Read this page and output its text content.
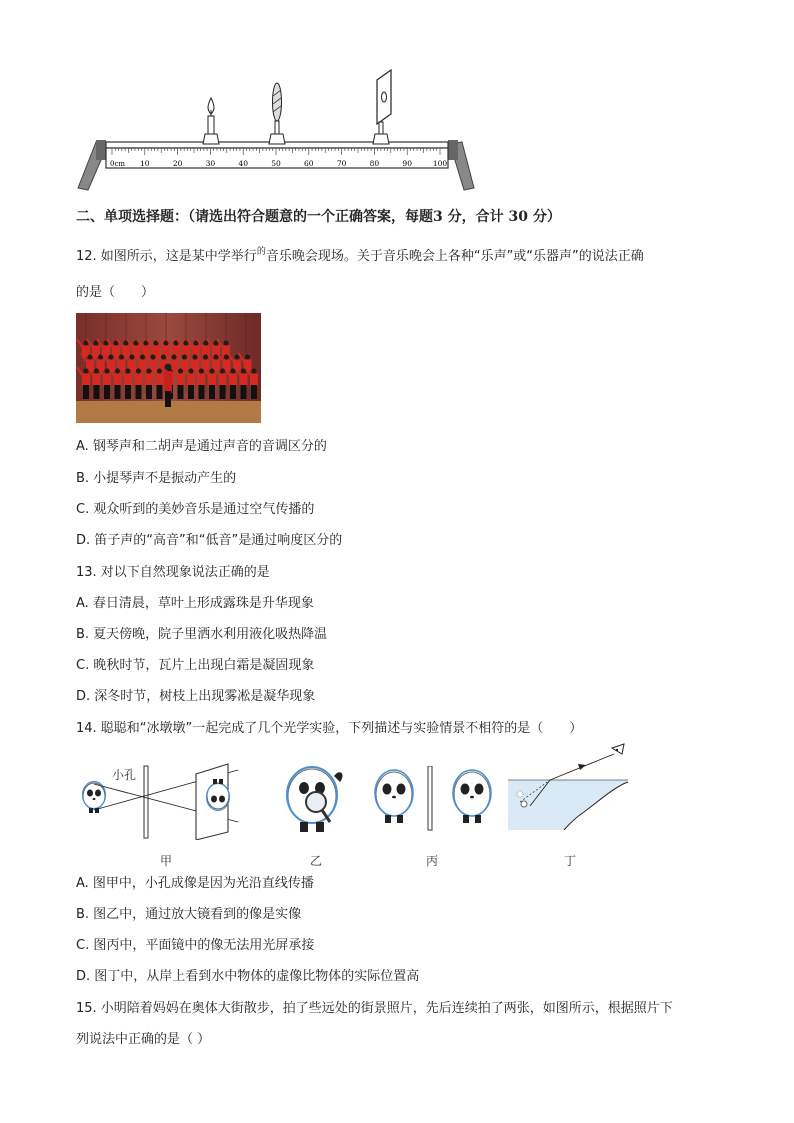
0cm 10	20	30	40	50	60	70	80	90	100
二、单项选择题：（请选出符合题意的一个正确答案，每题3 分，合计 30 分）
12. 如图所示，这是某中学举行$^的$音乐晚会现场。关于音乐晚会上各种“乐声”或“乐器声”的说法正确
的是（　　）
A. 钢琴声和二胡声是通过声音的音调区分的
B. 小提琴声不是振动产生的
C. 观众听到的美妙音乐是通过空气传播的
D. 笛子声的“高音”和“低音”是通过响度区分的
13. 对以下自然现象说法正确的是
A. 春日清晨，草叶上形成露珠是升华现象
B. 夏天傍晚，院子里洒水利用液化吸热降温
C. 晚秋时节，瓦片上出现白霜是凝固现象
D. 深冬时节，树枝上出现雾凇是凝华现象
14. 聪聪和“冰墩墩”一起完成了几个光学实验，下列描述与实验情景不相符的是（　　）
小孔
甲	乙	丙	丁
A. 图甲中，小孔成像是因为光沿直线传播
B. 图乙中，通过放大镜看到的像是实像
C. 图丙中，平面镜中的像无法用光屏承接
D. 图丁中，从岸上看到水中物体的虚像比物体的实际位置高
15. 小明陪着妈妈在奥体大街散步，拍了些远处的街景照片，先后连续拍了两张，如图所示，根据照片下
列说法中正确的是（ ）
